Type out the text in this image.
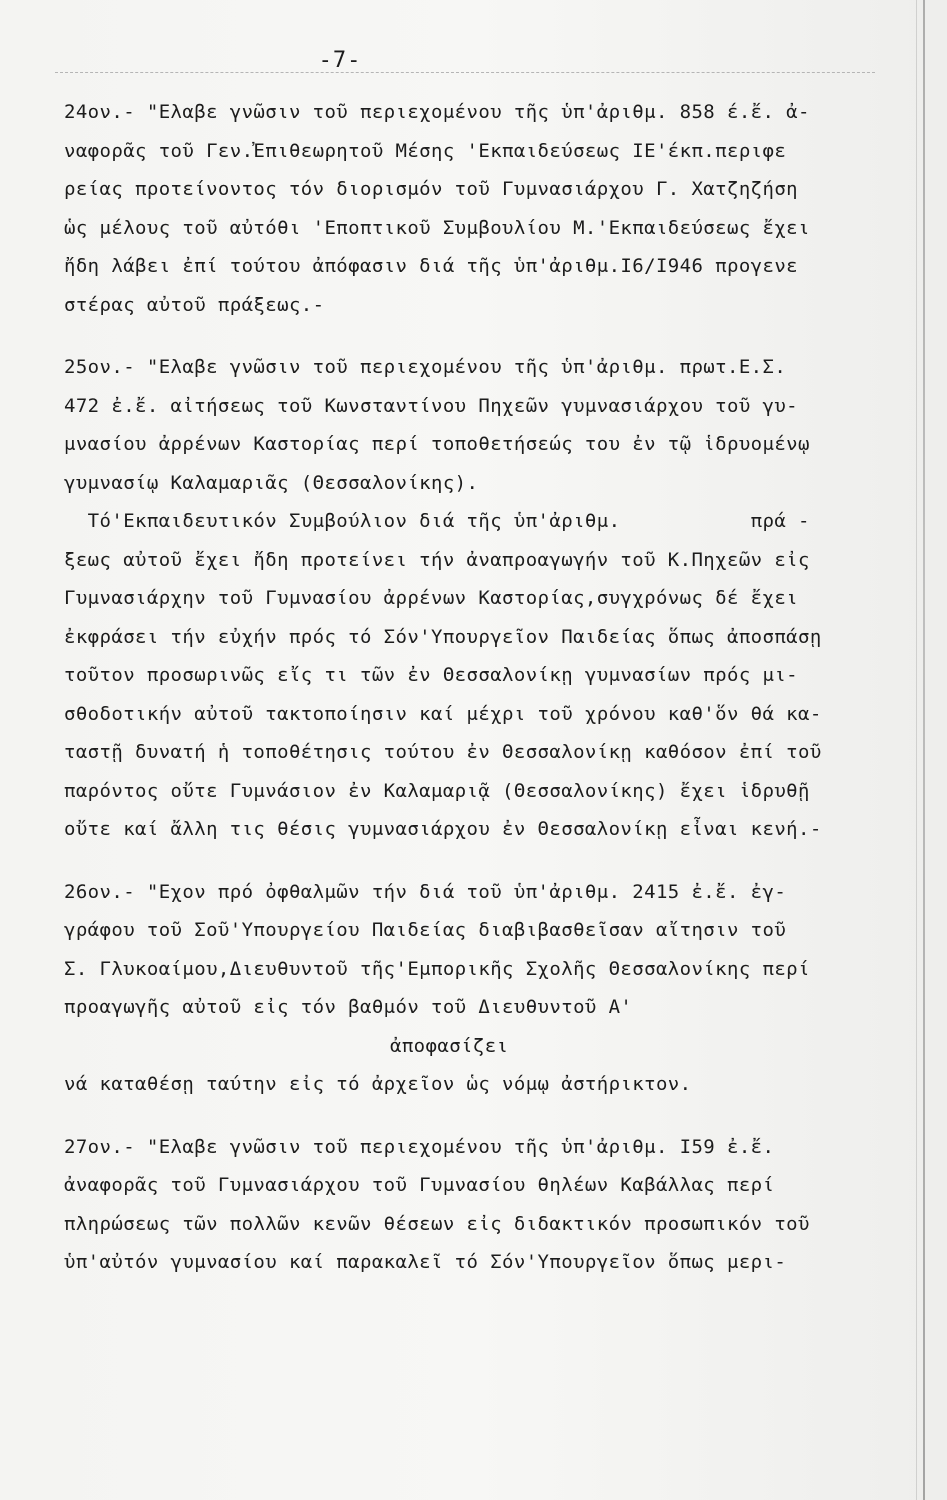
-7-
24ον.- "Ελαβε γνῶσιν τοῦ περιεχομένου τῆς ὑπ'ἀριθμ. 858 έ.ἔ. ἀ-
ναφορᾶς τοῦ Γεν.Ἐπιθεωρητοῦ Μέσης 'Εκπαιδεύσεως ΙΕ'έκπ.περιφε
ρείας προτείνοντος τόν διορισμόν τοῦ Γυμνασιάρχου Γ. Χατζηζήση
ὡς μέλους τοῦ αὐτόθι 'Εποπτικοῦ Συμβουλίου Μ.'Εκπαιδεύσεως ἔχει
ἤδη λάβει ἐπί τούτου ἀπόφασιν διά τῆς ὑπ'ἀριθμ.I6/I946 προγενε
στέρας αὐτοῦ πράξεως.-
25ον.- "Ελαβε γνῶσιν τοῦ περιεχομένου τῆς ὑπ'ἀριθμ. πρωτ.Ε.Σ.
472 ἐ.ἔ. αἰτήσεως τοῦ Κωνσταντίνου Πηχεῶν γυμνασιάρχου τοῦ γυ-
μνασίου ἀρρένων Καστορίας περί τοποθετήσεώς του ἐν τῷ ἱδρυομένῳ
γυμνασίῳ Καλαμαριᾶς (Θεσσαλονίκης).
Τό'Εκπαιδευτικόν Συμβούλιον διά τῆς ὑπ'ἀριθμ.           πρά -
ξεως αὐτοῦ ἔχει ἤδη προτείνει τήν ἀναπροαγωγήν τοῦ Κ.Πηχεῶν εἰς
Γυμνασιάρχην τοῦ Γυμνασίου ἀρρένων Καστορίας,συγχρόνως δέ ἔχει
ἐκφράσει τήν εὐχήν πρός τό Σόν'Υπουργεῖον Παιδείας ὅπως ἀποσπάσῃ
τοῦτον προσωρινῶς εἴς τι τῶν ἐν Θεσσαλονίκῃ γυμνασίων πρός μι-
σθοδοτικήν αὐτοῦ τακτοποίησιν καί μέχρι τοῦ χρόνου καθ'ὅν θά κα-
ταστῇ δυνατή ἡ τοποθέτησις τούτου ἐν Θεσσαλονίκῃ καθόσον ἐπί τοῦ
παρόντος οὔτε Γυμνάσιον ἐν Καλαμαριᾷ (Θεσσαλονίκης) ἔχει ἱδρυθῇ
οὔτε καί ἄλλη τις θέσις γυμνασιάρχου ἐν Θεσσαλονίκῃ εἶναι κενή.-
26ον.- "Εχον πρό ὀφθαλμῶν τήν διά τοῦ ὑπ'ἀριθμ. 2415 ἐ.ἔ. ἐγ-
γράφου τοῦ Σοῦ'Υπουργείου Παιδείας διαβιβασθεῖσαν αἴτησιν τοῦ
Σ. Γλυκοαίμου,Διευθυντοῦ τῆς'Εμπορικῆς Σχολῆς Θεσσαλονίκης περί
προαγωγῆς αὐτοῦ εἰς τόν βαθμόν τοῦ Διευθυντοῦ Α'
ἀποφασίζει
νά καταθέσῃ ταύτην εἰς τό ἀρχεῖον ὡς νόμῳ ἀστήρικτον.
27ον.- "Ελαβε γνῶσιν τοῦ περιεχομένου τῆς ὑπ'ἀριθμ. I59 ἐ.ἔ.
ἀναφορᾶς τοῦ Γυμνασιάρχου τοῦ Γυμνασίου θηλέων Καβάλλας περί
πληρώσεως τῶν πολλῶν κενῶν θέσεων εἰς διδακτικόν προσωπικόν τοῦ
ὑπ'αὐτόν γυμνασίου καί παρακαλεῖ τό Σόν'Υπουργεῖον ὅπως μερι-
